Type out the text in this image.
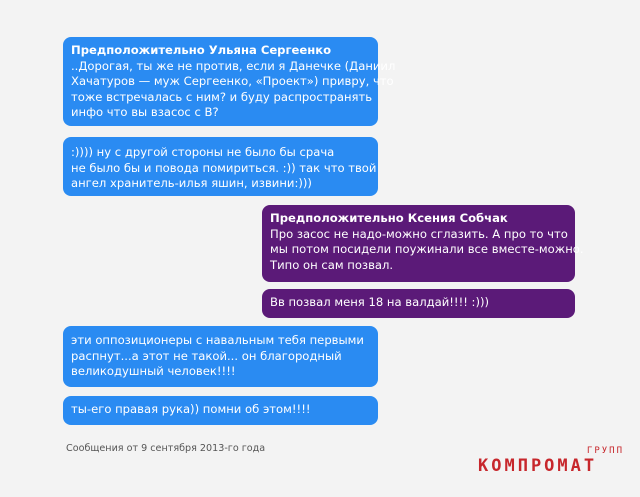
Предположительно Ульяна Сергеенко
..Дорогая, ты же не против, если я Данечке (Даниил
Хачатуров — муж Сергеенко, «Проект») привру, что
тоже встречалась с ним? и буду распространять
инфо что вы взасос с В?
:)))) ну с другой стороны не было бы срача
не было бы и повода помириться. :)) так что твой
ангел хранитель-илья яшин, извини:)))
Предположительно Ксения Собчак
Про засос не надо-можно сглазить. А про то что
мы потом посидели поужинали все вместе-можно.
Типо он сам позвал.
Вв позвал меня 18 на валдай!!!! :)))
эти оппозиционеры с навальным тебя первыми
распнут...а этот не такой... он благородный
великодушный человек!!!!
ты-его правая рука)) помни об этом!!!!
Сообщения от 9 сентября 2013-го года	ГРУПП
КОМПРОМАТ
